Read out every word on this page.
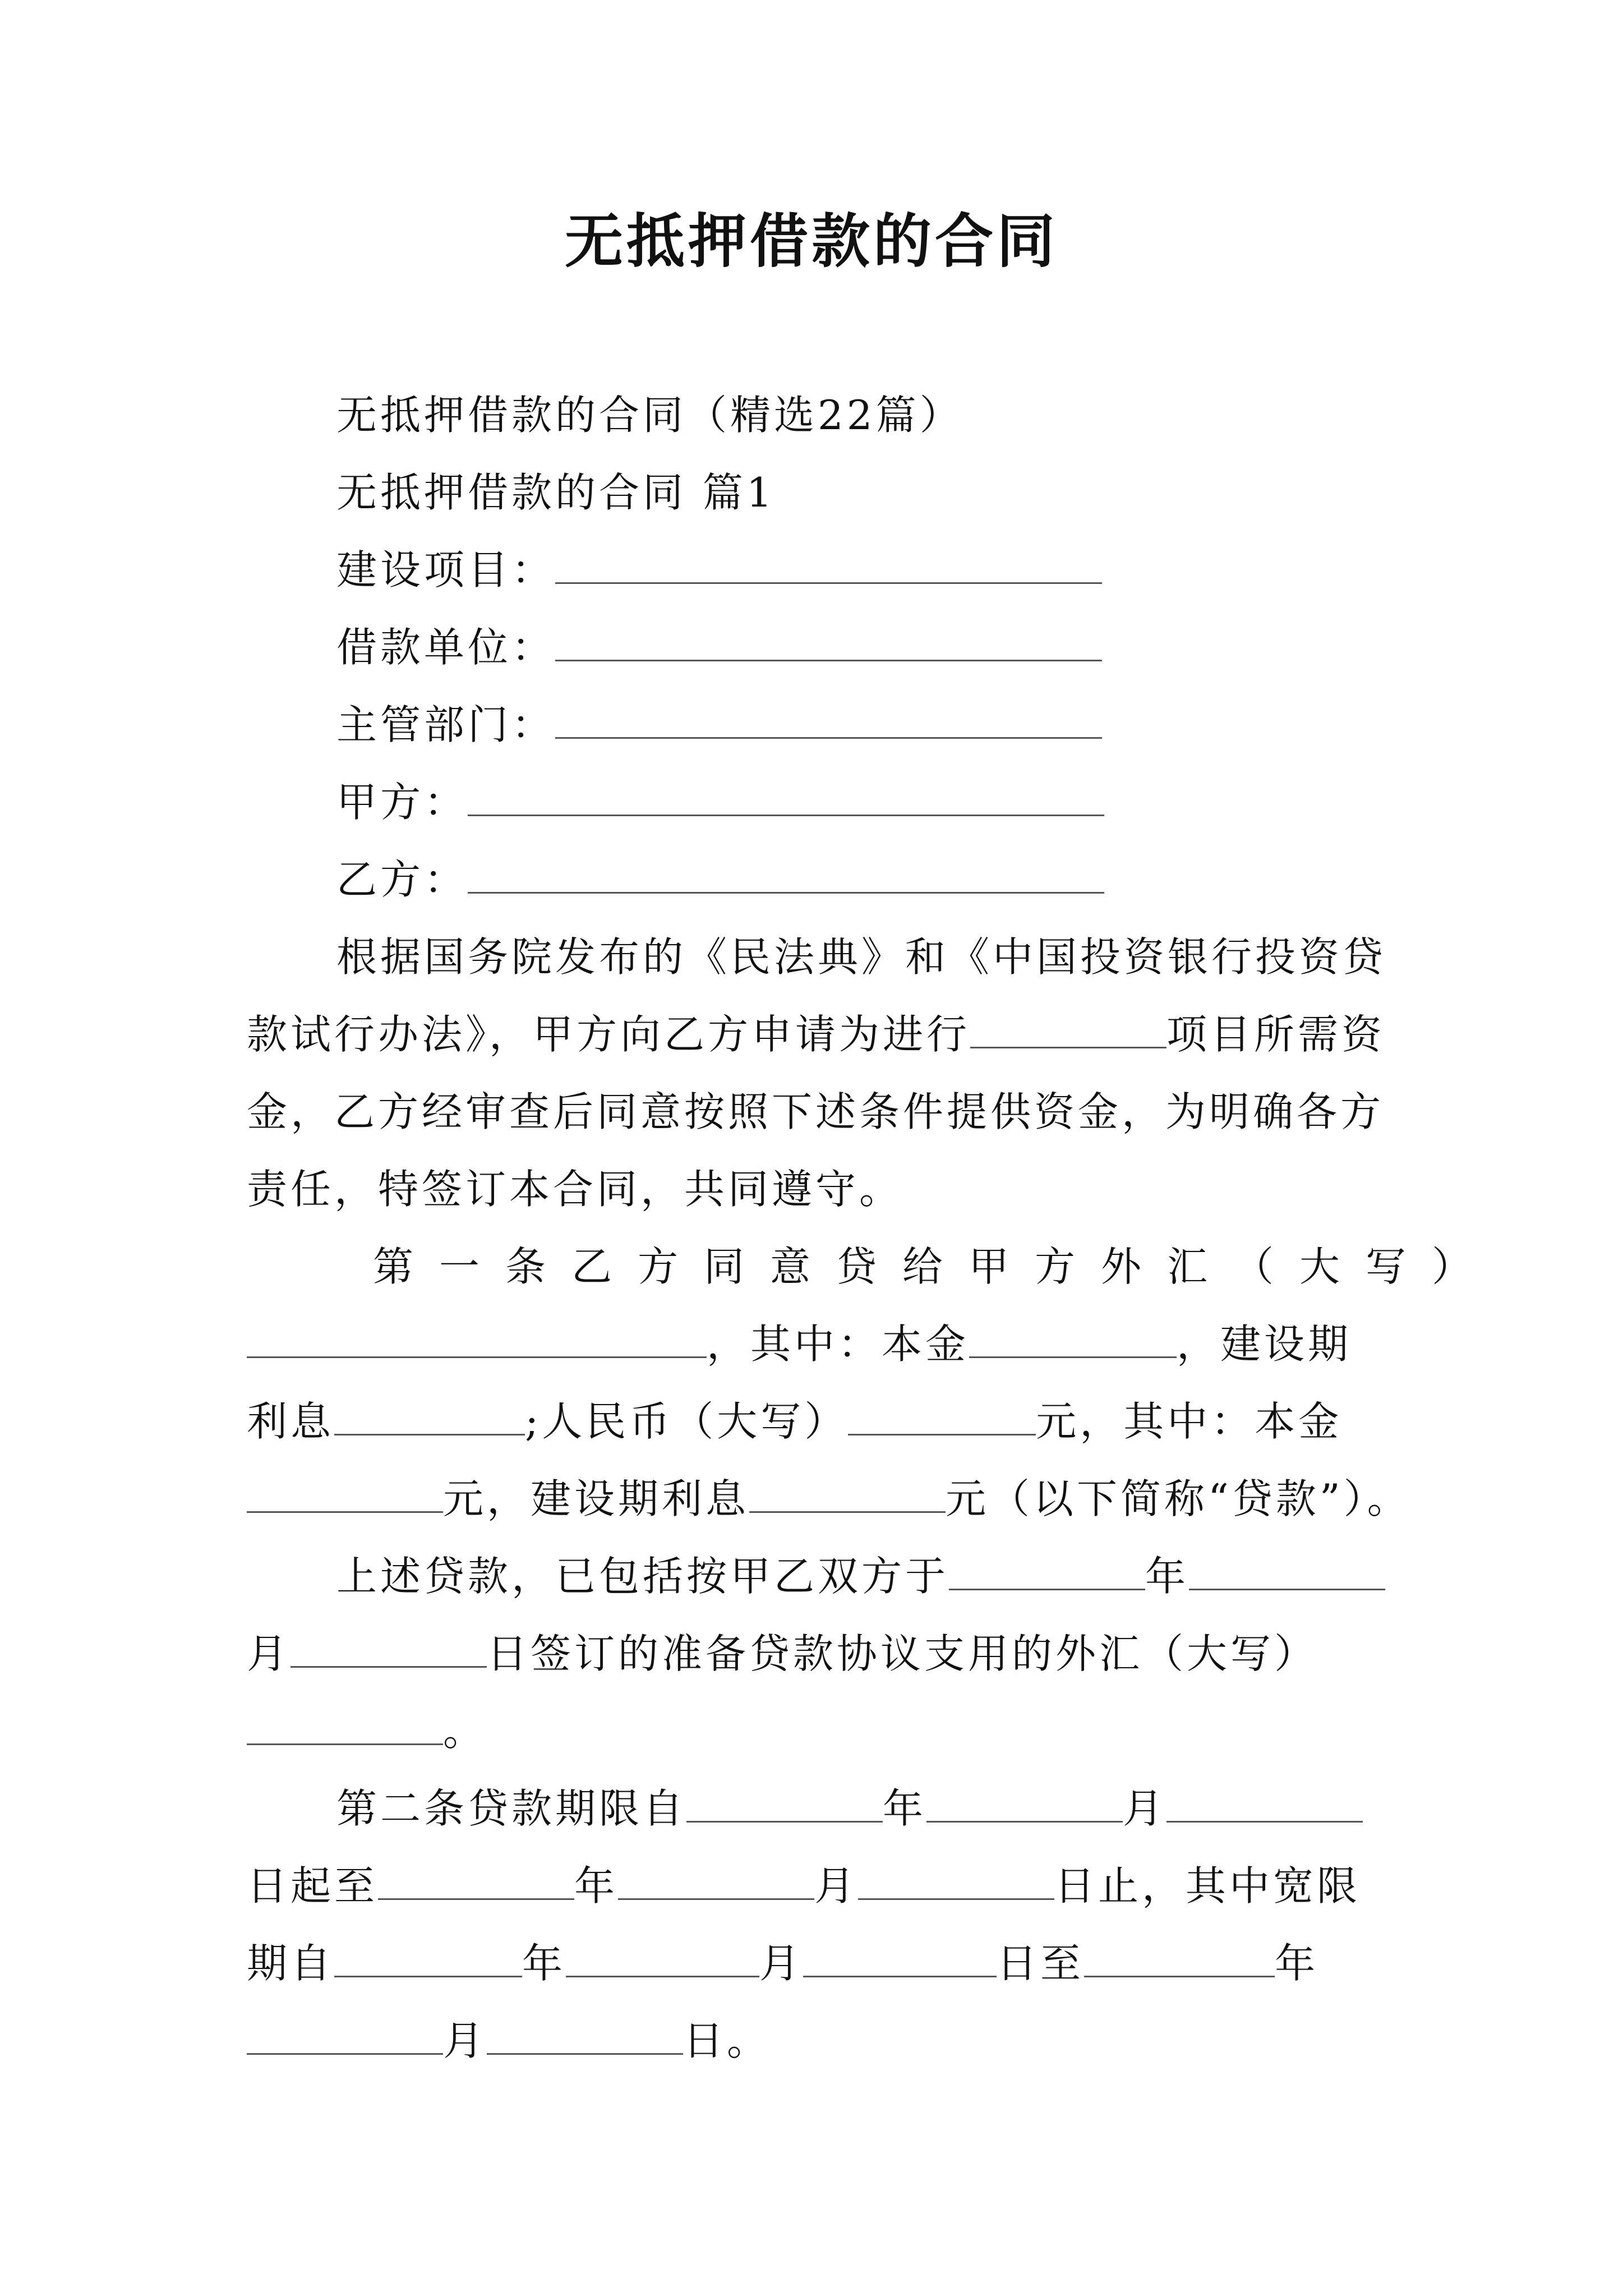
无抵押借款的合同
无抵押借款的合同（精选22篇）
无抵押借款的合同 篇1
建设项目：
借款单位：
主管部门：
甲方：
乙方：
根据国务院发布的《民法典》和《中国投资银行投资贷
款试行办法》，甲方向乙方申请为进行	项目所需资
金，乙方经审查后同意按照下述条件提供资金，为明确各方
责任，特签订本合同，共同遵守。
第一条乙方同意贷给甲方外汇（大写）
，其中：本金	，建设期
利息	;人民币（大写）	元，其中：本金
元，建设期利息	元（以下简称“贷款”）。
上述贷款，已包括按甲乙双方于	年
月	日签订的准备贷款协议支用的外汇（大写）
。
第二条贷款期限自	年	月
日起至	年	月	日止，其中宽限
期自	年	月	日至	年
月	日。
